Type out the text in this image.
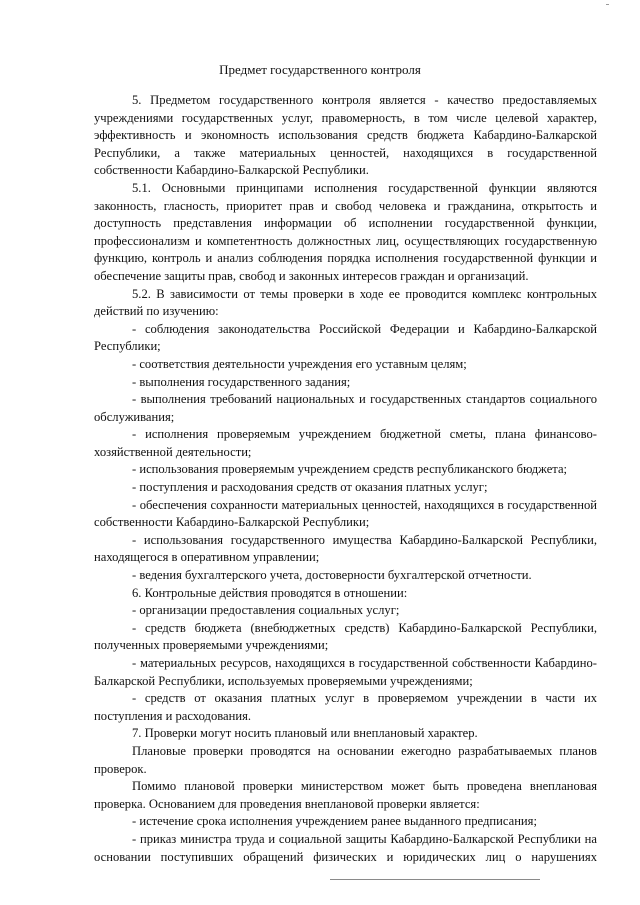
Предмет государственного контроля

5. Предметом государственного контроля является - качество предоставляемых учреждениями государственных услуг, правомерность, в том числе целевой характер, эффективность и экономность использования средств бюджета Кабардино-Балкарской Республики, а также материальных ценностей, находящихся в государственной собственности Кабардино-Балкарской Республики.

5.1. Основными принципами исполнения государственной функции являются законность, гласность, приоритет прав и свобод человека и гражданина, открытость и доступность представления информации об исполнении государственной функции, профессионализм и компетентность должностных лиц, осуществляющих государственную функцию, контроль и анализ соблюдения порядка исполнения государственной функции и обеспечение защиты прав, свобод и законных интересов граждан и организаций.

5.2. В зависимости от темы проверки в ходе ее проводится комплекс контрольных действий по изучению:

- соблюдения законодательства Российской Федерации и Кабардино-Балкарской Республики;

- соответствия деятельности учреждения его уставным целям;

- выполнения государственного задания;

- выполнения требований национальных и государственных стандартов социального обслуживания;

- исполнения проверяемым учреждением бюджетной сметы, плана финансово-хозяйственной деятельности;

- использования проверяемым учреждением средств республиканского бюджета;

- поступления и расходования средств от оказания платных услуг;

- обеспечения сохранности материальных ценностей, находящихся в государственной собственности Кабардино-Балкарской Республики;

- использования государственного имущества Кабардино-Балкарской Республики, находящегося в оперативном управлении;

- ведения бухгалтерского учета, достоверности бухгалтерской отчетности.

6. Контрольные действия проводятся в отношении:

- организации предоставления социальных услуг;

- средств бюджета (внебюджетных средств) Кабардино-Балкарской Республики, полученных проверяемыми учреждениями;

- материальных ресурсов, находящихся в государственной собственности Кабардино-Балкарской Республики, используемых проверяемыми учреждениями;

- средств от оказания платных услуг в проверяемом учреждении в части их поступления и расходования.

7. Проверки могут носить плановый или внеплановый характер.

Плановые проверки проводятся на основании ежегодно разрабатываемых планов проверок.

Помимо плановой проверки министерством может быть проведена внеплановая проверка. Основанием для проведения внеплановой проверки является:

- истечение срока исполнения учреждением ранее выданного предписания;

- приказ министра труда и социальной защиты Кабардино-Балкарской Республики на основании поступивших обращений физических и юридических лиц о нарушениях
